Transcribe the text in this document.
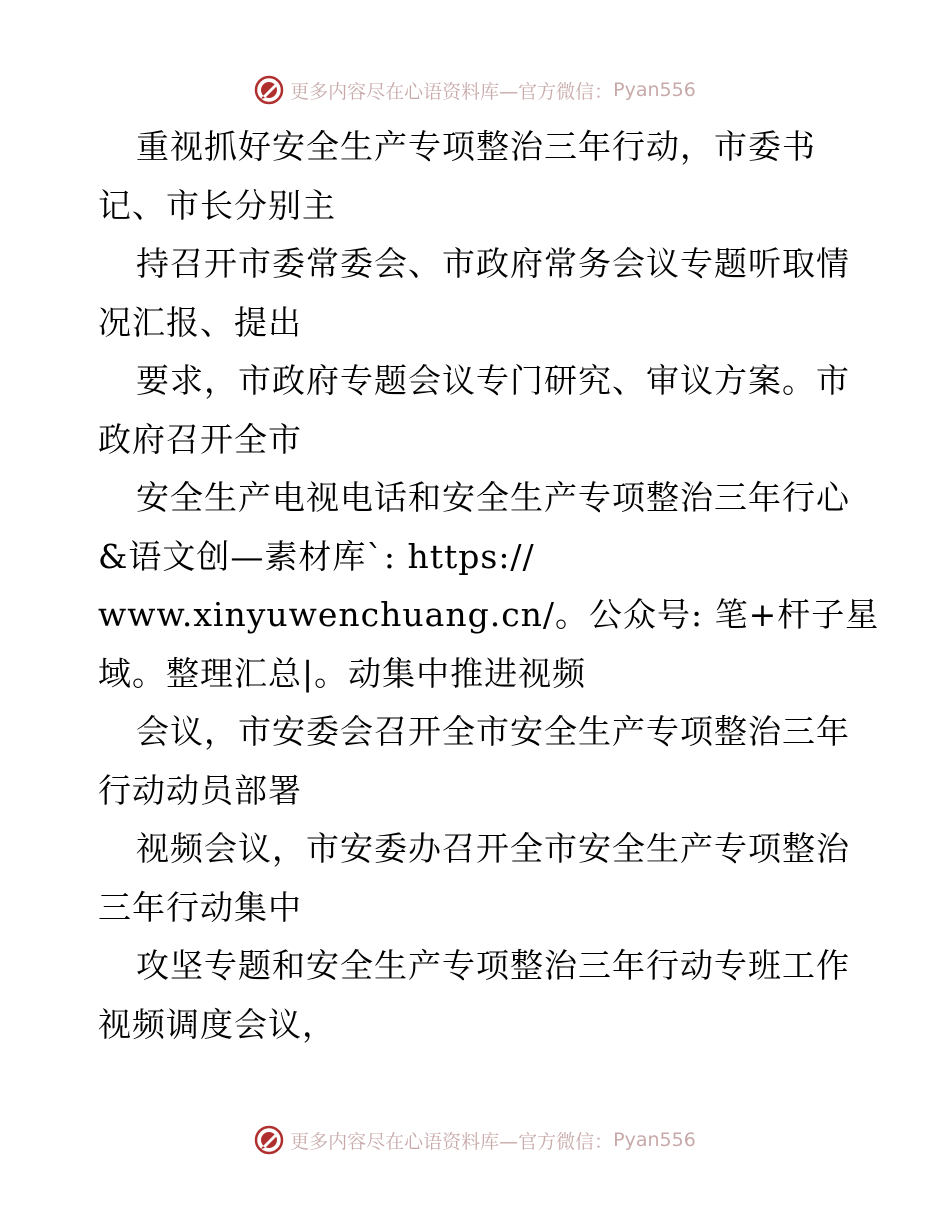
更多内容尽在心语资料库—官方微信： Pyan556
重视抓好安全生产专项整治三年行动，市委书
记、市长分别主
持召开市委常委会、市政府常务会议专题听取情
况汇报、提出
要求，市政府专题会议专门研究、审议方案。市
政府召开全市
安全生产电视电话和安全生产专项整治三年行心
&语文创—素材库`: https://
www.xinyuwenchuang.cn/。公众号: 笔+杆子星
域。整理汇总|。动集中推进视频
会议，市安委会召开全市安全生产专项整治三年
行动动员部署
视频会议，市安委办召开全市安全生产专项整治
三年行动集中
攻坚专题和安全生产专项整治三年行动专班工作
视频调度会议，
更多内容尽在心语资料库—官方微信： Pyan556
